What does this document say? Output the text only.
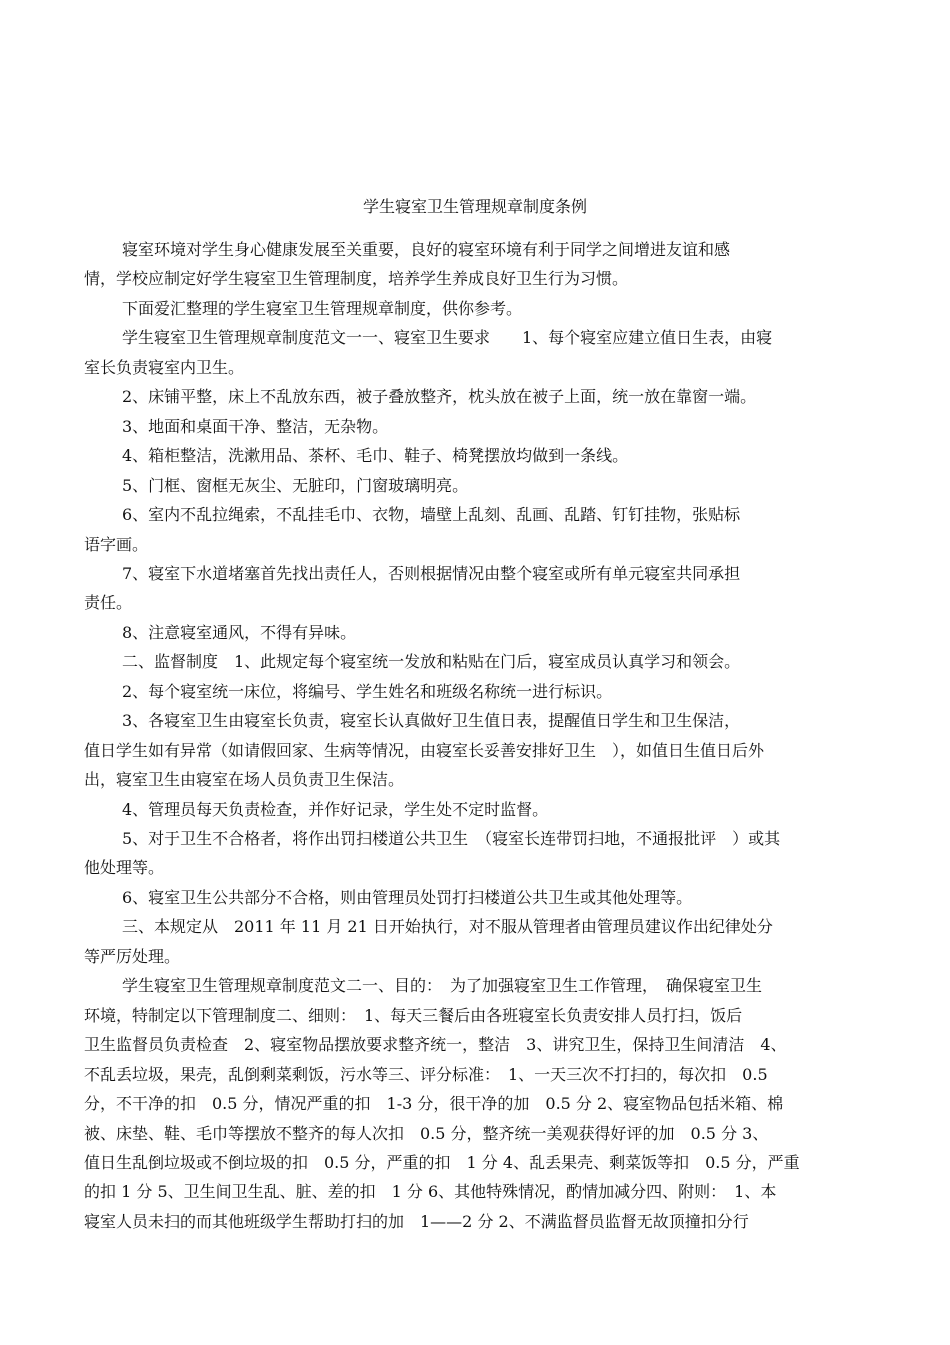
学生寝室卫生管理规章制度条例
寝室环境对学生身心健康发展至关重要，良好的寝室环境有利于同学之间增进友谊和感
情，学校应制定好学生寝室卫生管理制度，培养学生养成良好卫生行为习惯。
下面爱汇整理的学生寝室卫生管理规章制度，供你参考。
学生寝室卫生管理规章制度范文一一、寝室卫生要求　　1、每个寝室应建立值日生表，由寝
室长负责寝室内卫生。
2、床铺平整，床上不乱放东西，被子叠放整齐，枕头放在被子上面，统一放在靠窗一端。
3、地面和桌面干净、整洁，无杂物。
4、箱柜整洁，洗漱用品、茶杯、毛巾、鞋子、椅凳摆放均做到一条线。
5、门框、窗框无灰尘、无脏印，门窗玻璃明亮。
6、室内不乱拉绳索，不乱挂毛巾、衣物，墙壁上乱刻、乱画、乱踏、钉钉挂物，张贴标
语字画。
7、寝室下水道堵塞首先找出责任人，否则根据情况由整个寝室或所有单元寝室共同承担
责任。
8、注意寝室通风，不得有异味。
二、监督制度　1、此规定每个寝室统一发放和粘贴在门后，寝室成员认真学习和领会。
2、每个寝室统一床位，将编号、学生姓名和班级名称统一进行标识。
3、各寝室卫生由寝室长负责，寝室长认真做好卫生值日表，提醒值日学生和卫生保洁，
值日学生如有异常（如请假回家、生病等情况，由寝室长妥善安排好卫生　），如值日生值日后外
出，寝室卫生由寝室在场人员负责卫生保洁。
4、管理员每天负责检查，并作好记录，学生处不定时监督。
5、对于卫生不合格者，将作出罚扫楼道公共卫生　（寝室长连带罚扫地，不通报批评　）或其
他处理等。
6、寝室卫生公共部分不合格，则由管理员处罚打扫楼道公共卫生或其他处理等。
三、本规定从　2011 年 11 月 21 日开始执行，对不服从管理者由管理员建议作出纪律处分
等严厉处理。
学生寝室卫生管理规章制度范文二一、目的：　为了加强寝室卫生工作管理，　确保寝室卫生
环境，特制定以下管理制度二、细则：　1、每天三餐后由各班寝室长负责安排人员打扫，饭后
卫生监督员负责检查　2、寝室物品摆放要求整齐统一，整洁　3、讲究卫生，保持卫生间清洁　4、
不乱丢垃圾，果壳，乱倒剩菜剩饭，污水等三、评分标准：　1、一天三次不打扫的，每次扣　0.5
分，不干净的扣　0.5 分，情况严重的扣　1-3 分，很干净的加　0.5 分 2、寝室物品包括米箱、棉
被、床垫、鞋、毛巾等摆放不整齐的每人次扣　0.5 分，整齐统一美观获得好评的加　0.5 分 3、
值日生乱倒垃圾或不倒垃圾的扣　0.5 分，严重的扣　1 分 4、乱丢果壳、剩菜饭等扣　0.5 分，严重
的扣 1 分 5、卫生间卫生乱、脏、差的扣　1 分 6、其他特殊情况，酌情加减分四、附则：　1、本
寝室人员未扫的而其他班级学生帮助打扫的加　1——2 分 2、不满监督员监督无故顶撞扣分行
